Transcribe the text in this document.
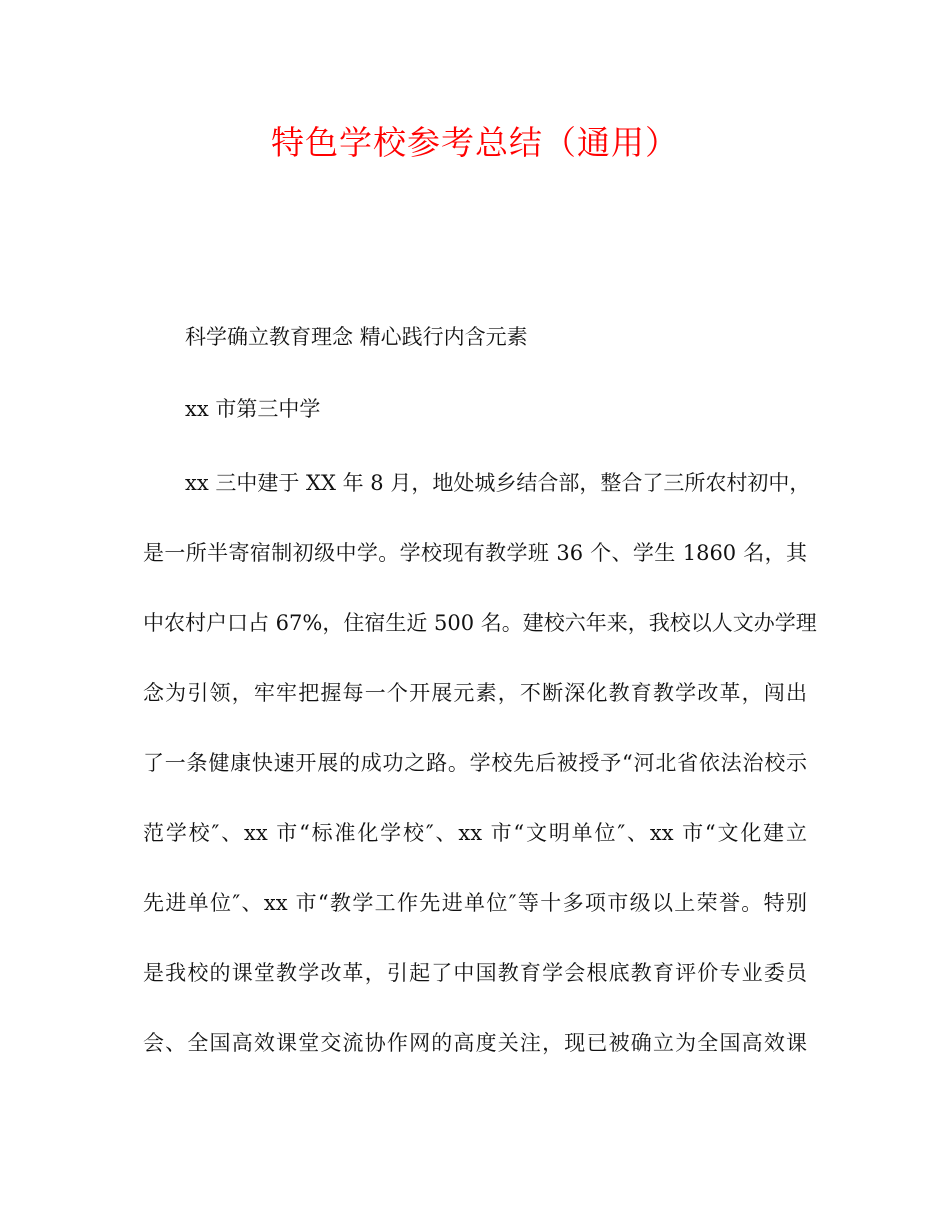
特色学校参考总结（通用）

科学确立教育理念 精心践行内含元素

xx 市第三中学

xx 三中建于 XX 年 8 月，地处城乡结合部，整合了三所农村初中，
是一所半寄宿制初级中学。学校现有教学班 36 个、学生 1860 名，其
中农村户口占 67%，住宿生近 500 名。建校六年来，我校以人文办学理
念为引领，牢牢把握每一个开展元素，不断深化教育教学改革，闯出
了一条健康快速开展的成功之路。学校先后被授予“河北省依法治校示
范学校″、xx 市“标准化学校″、xx 市“文明单位″、xx 市“文化建立
先进单位″、xx 市“教学工作先进单位″等十多项市级以上荣誉。特别
是我校的课堂教学改革，引起了中国教育学会根底教育评价专业委员
会、全国高效课堂交流协作网的高度关注，现已被确立为全国高效课
